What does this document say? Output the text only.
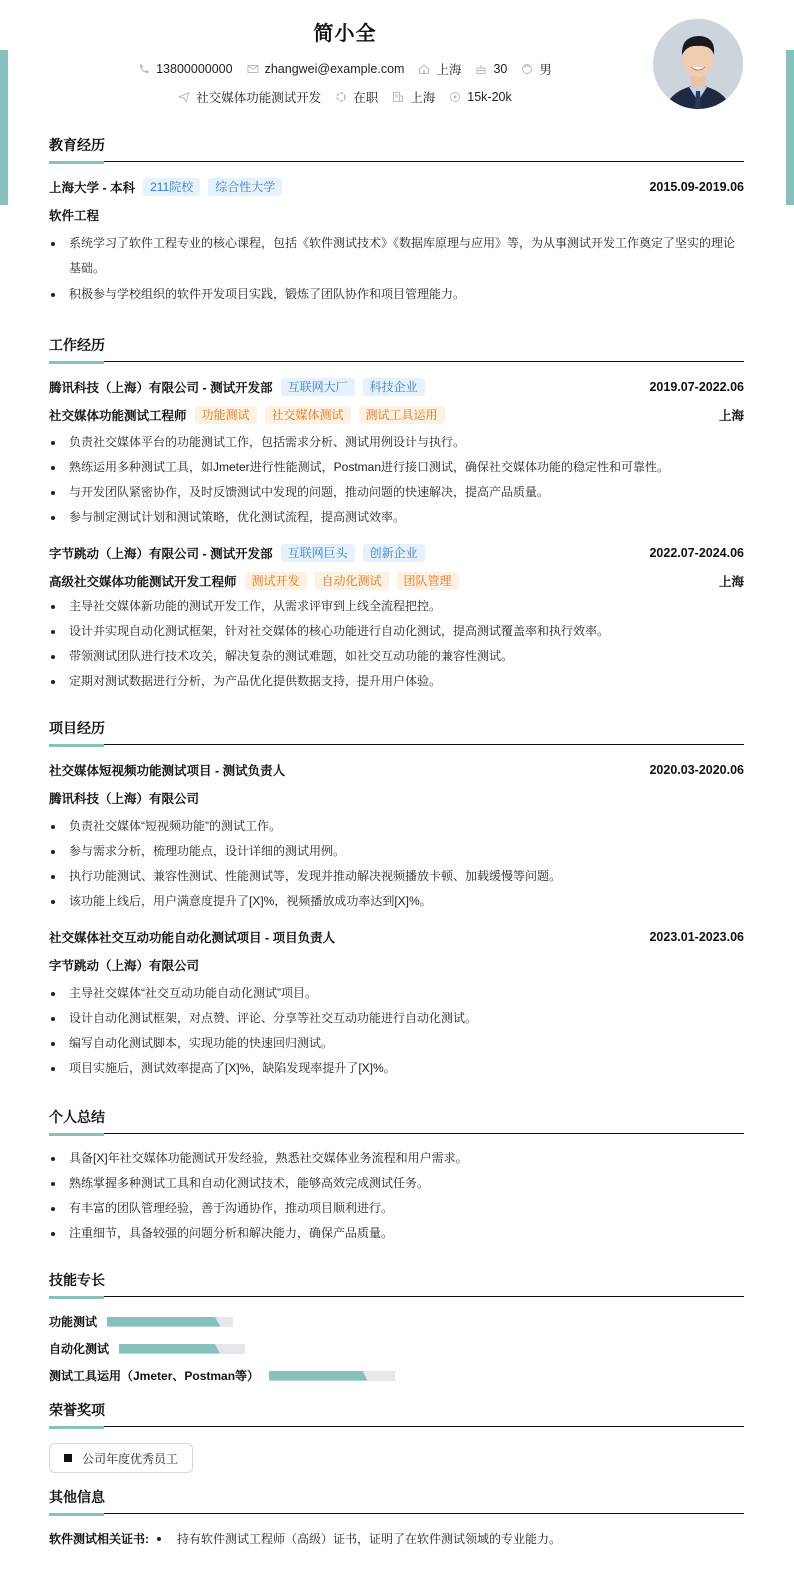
简小全
13800000000	zhangwei@example.com	上海	30	男
社交媒体功能测试开发	在职	上海	15k-20k
教育经历
上海大学 - 本科	211院校	综合性大学	2015.09-2019.06
软件工程
系统学习了软件工程专业的核心课程，包括《软件测试技术》《数据库原理与应用》等，为从事测试开发工作奠定了坚实的理论基础。
积极参与学校组织的软件开发项目实践，锻炼了团队协作和项目管理能力。
工作经历
腾讯科技（上海）有限公司 - 测试开发部	互联网大厂	科技企业	2019.07-2022.06
社交媒体功能测试工程师	功能测试	社交媒体测试	测试工具运用	上海
负责社交媒体平台的功能测试工作，包括需求分析、测试用例设计与执行。
熟练运用多种测试工具，如Jmeter进行性能测试，Postman进行接口测试，确保社交媒体功能的稳定性和可靠性。
与开发团队紧密协作，及时反馈测试中发现的问题，推动问题的快速解决，提高产品质量。
参与制定测试计划和测试策略，优化测试流程，提高测试效率。
字节跳动（上海）有限公司 - 测试开发部	互联网巨头	创新企业	2022.07-2024.06
高级社交媒体功能测试开发工程师	测试开发	自动化测试	团队管理	上海
主导社交媒体新功能的测试开发工作，从需求评审到上线全流程把控。
设计并实现自动化测试框架，针对社交媒体的核心功能进行自动化测试，提高测试覆盖率和执行效率。
带领测试团队进行技术攻关，解决复杂的测试难题，如社交互动功能的兼容性测试。
定期对测试数据进行分析，为产品优化提供数据支持，提升用户体验。
项目经历
社交媒体短视频功能测试项目 - 测试负责人	2020.03-2020.06
腾讯科技（上海）有限公司
负责社交媒体“短视频功能”的测试工作。
参与需求分析，梳理功能点，设计详细的测试用例。
执行功能测试、兼容性测试、性能测试等，发现并推动解决视频播放卡顿、加载缓慢等问题。
该功能上线后，用户满意度提升了[X]%，视频播放成功率达到[X]%。
社交媒体社交互动功能自动化测试项目 - 项目负责人	2023.01-2023.06
字节跳动（上海）有限公司
主导社交媒体“社交互动功能自动化测试”项目。
设计自动化测试框架，对点赞、评论、分享等社交互动功能进行自动化测试。
编写自动化测试脚本，实现功能的快速回归测试。
项目实施后，测试效率提高了[X]%，缺陷发现率提升了[X]%。
个人总结
具备[X]年社交媒体功能测试开发经验，熟悉社交媒体业务流程和用户需求。
熟练掌握多种测试工具和自动化测试技术，能够高效完成测试任务。
有丰富的团队管理经验，善于沟通协作，推动项目顺利进行。
注重细节，具备较强的问题分析和解决能力，确保产品质量。
技能专长
功能测试
自动化测试
测试工具运用（Jmeter、Postman等）
荣誉奖项
公司年度优秀员工
其他信息
软件测试相关证书: 持有软件测试工程师（高级）证书，证明了在软件测试领域的专业能力。
